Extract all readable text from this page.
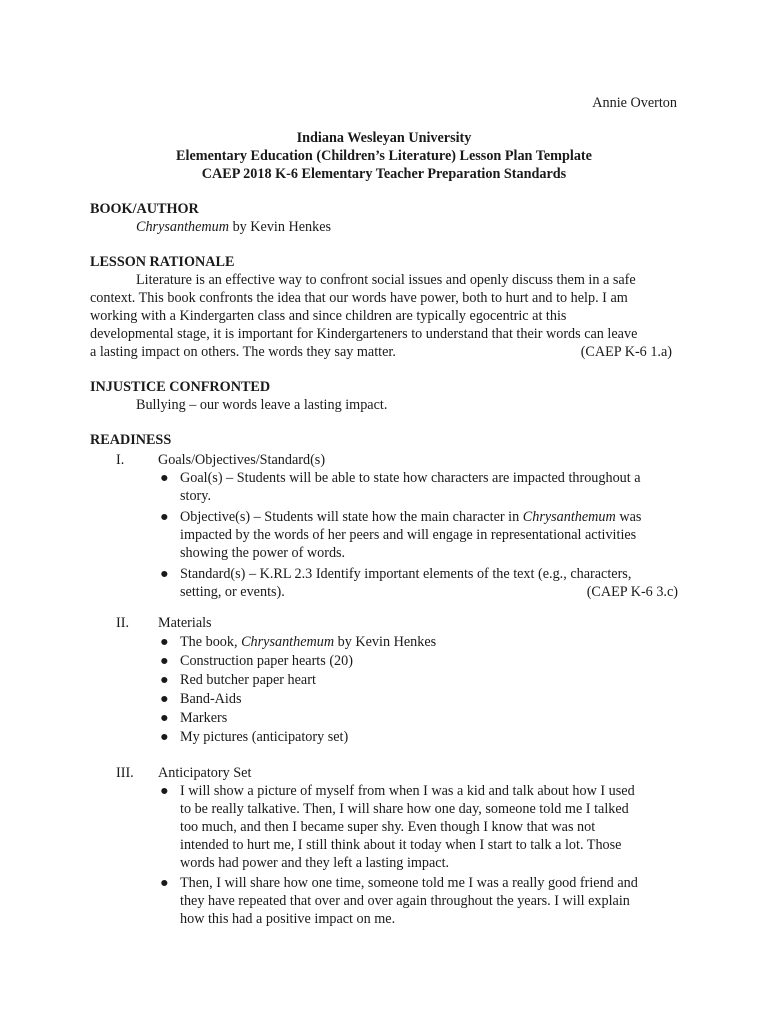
Annie Overton
Indiana Wesleyan University
Elementary Education (Children’s Literature) Lesson Plan Template
CAEP 2018 K-6 Elementary Teacher Preparation Standards
BOOK/AUTHOR
Chrysanthemum by Kevin Henkes
LESSON RATIONALE
Literature is an effective way to confront social issues and openly discuss them in a safe
context. This book confronts the idea that our words have power, both to hurt and to help. I am
working with a Kindergarten class and since children are typically egocentric at this
developmental stage, it is important for Kindergarteners to understand that their words can leave
a lasting impact on others. The words they say matter.	(CAEP K-6 1.a)
INJUSTICE CONFRONTED
Bullying – our words leave a lasting impact.
READINESS
I. Goals/Objectives/Standard(s)
● Goal(s) – Students will be able to state how characters are impacted throughout a
story.
● Objective(s) – Students will state how the main character in Chrysanthemum was
impacted by the words of her peers and will engage in representational activities
showing the power of words.
● Standard(s) – K.RL 2.3 Identify important elements of the text (e.g., characters,
setting, or events).	(CAEP K-6 3.c)
II. Materials
● The book, Chrysanthemum by Kevin Henkes
● Construction paper hearts (20)
● Red butcher paper heart
● Band-Aids
● Markers
● My pictures (anticipatory set)
III. Anticipatory Set
● I will show a picture of myself from when I was a kid and talk about how I used
to be really talkative. Then, I will share how one day, someone told me I talked
too much, and then I became super shy. Even though I know that was not
intended to hurt me, I still think about it today when I start to talk a lot. Those
words had power and they left a lasting impact.
● Then, I will share how one time, someone told me I was a really good friend and
they have repeated that over and over again throughout the years. I will explain
how this had a positive impact on me.
